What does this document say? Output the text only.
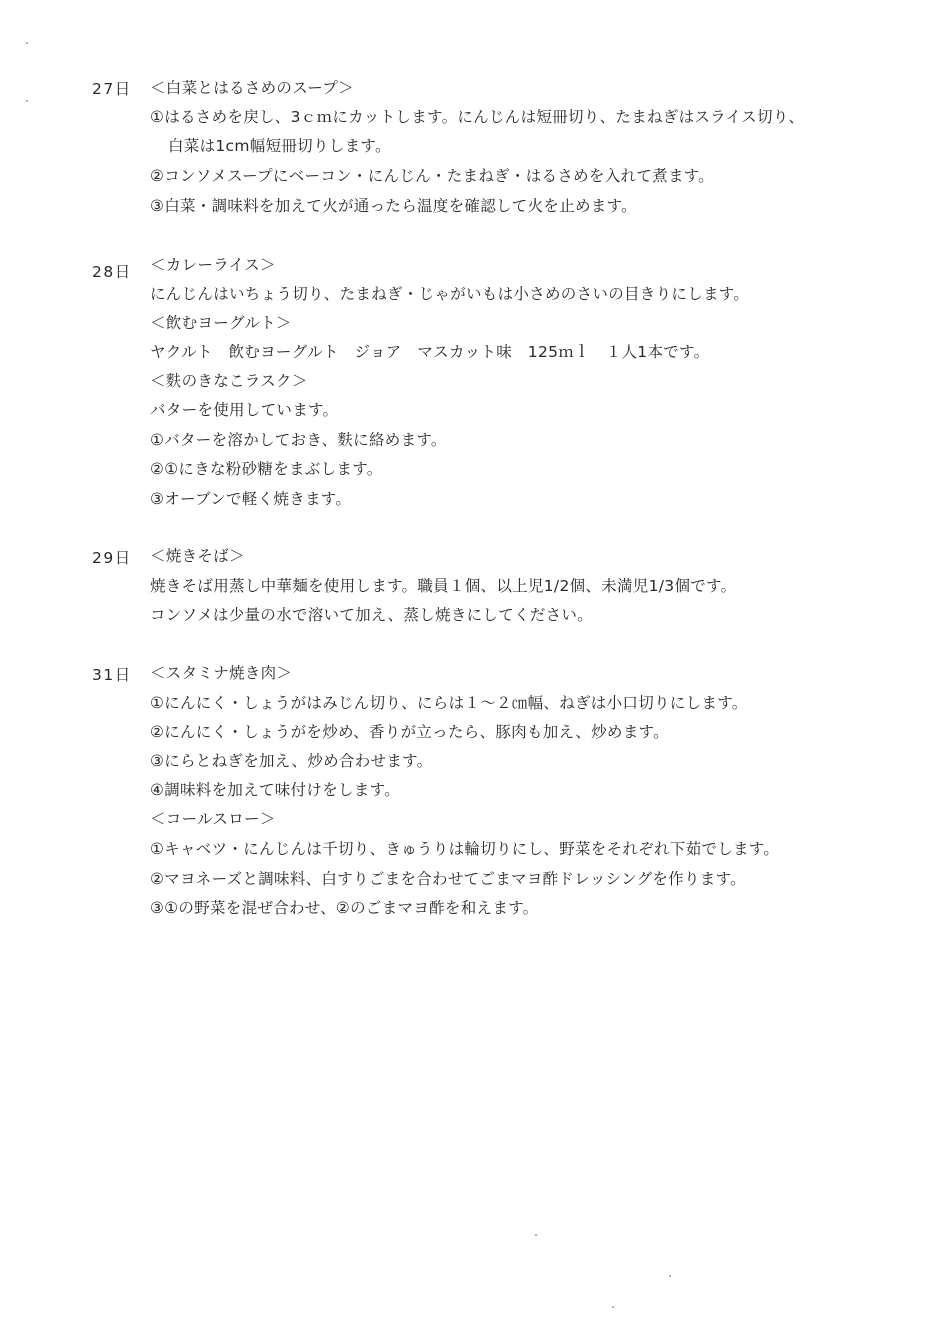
27日 ＜白菜とはるさめのスープ＞
①はるさめを戻し、3ｃｍにカットします。にんじんは短冊切り、たまねぎはスライス切り、
白菜は1cm幅短冊切りします。
②コンソメスープにベーコン・にんじん・たまねぎ・はるさめを入れて煮ます。
③白菜・調味料を加えて火が通ったら温度を確認して火を止めます。
28日 ＜カレーライス＞
にんじんはいちょう切り、たまねぎ・じゃがいもは小さめのさいの目きりにします。
＜飲むヨーグルト＞
ヤクルト　飲むヨーグルト　ジョア　マスカット味　125ｍｌ　１人1本です。
＜麩のきなこラスク＞
バターを使用しています。
①バターを溶かしておき、麩に絡めます。
②①にきな粉砂糖をまぶします。
③オーブンで軽く焼きます。
29日 ＜焼きそば＞
焼きそば用蒸し中華麺を使用します。職員１個、以上児1/2個、未満児1/3個です。
コンソメは少量の水で溶いて加え、蒸し焼きにしてください。
31日 ＜スタミナ焼き肉＞
①にんにく・しょうがはみじん切り、にらは１～２㎝幅、ねぎは小口切りにします。
②にんにく・しょうがを炒め、香りが立ったら、豚肉も加え、炒めます。
③にらとねぎを加え、炒め合わせます。
④調味料を加えて味付けをします。
＜コールスロー＞
①キャベツ・にんじんは千切り、きゅうりは輪切りにし、野菜をそれぞれ下茹でします。
②マヨネーズと調味料、白すりごまを合わせてごまマヨ酢ドレッシングを作ります。
③①の野菜を混ぜ合わせ、②のごまマヨ酢を和えます。
